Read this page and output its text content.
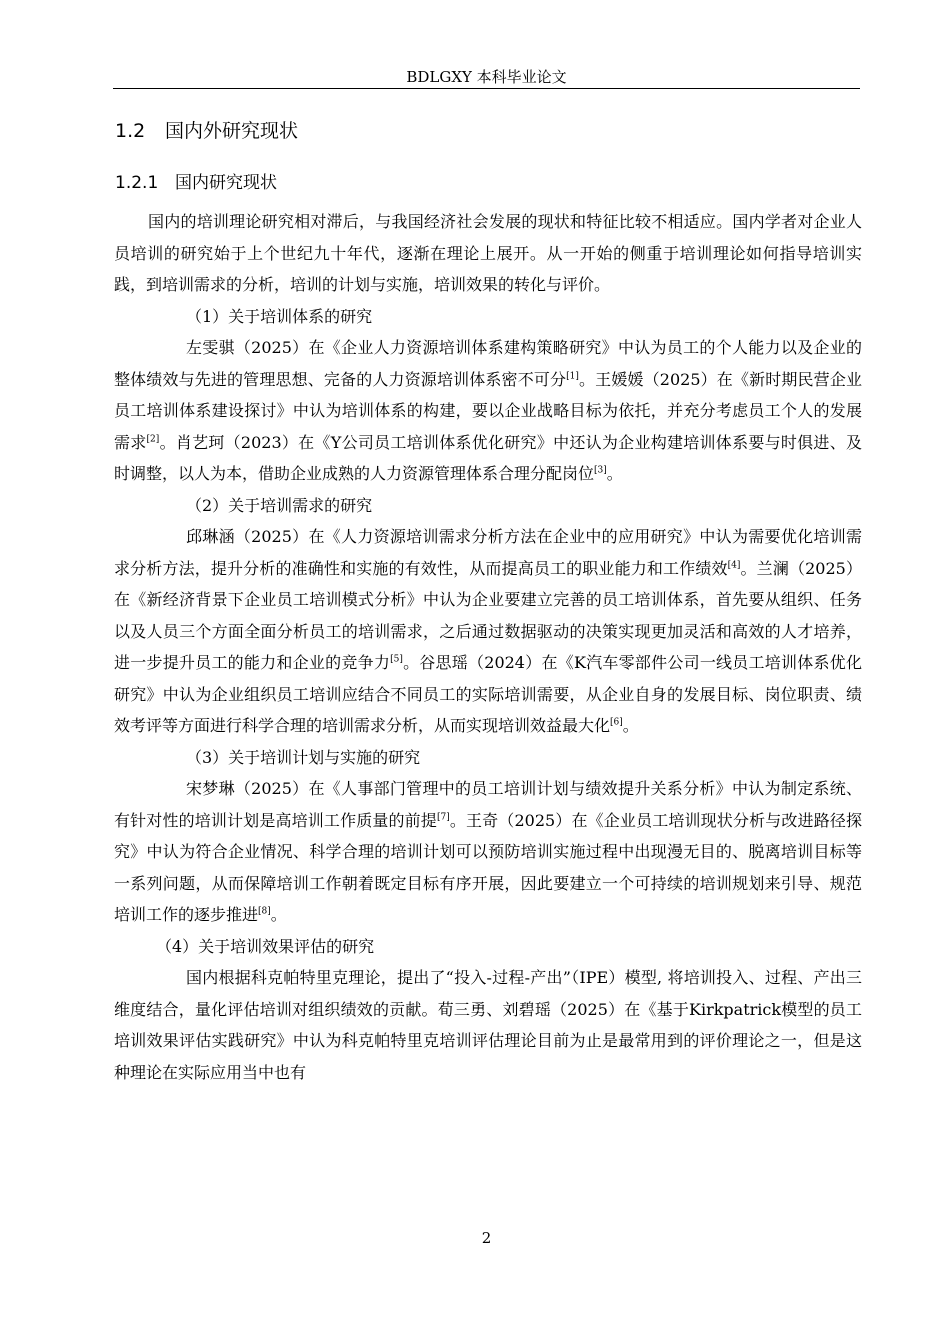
BDLGXY 本科毕业论文
1.2 国内外研究现状
1.2.1 国内研究现状

国内的培训理论研究相对滞后，与我国经济社会发展的现状和特征比较不相适应。国内学者对企业人员培训的研究始于上个世纪九十年代，逐渐在理论上展开。从一开始的侧重于培训理论如何指导培训实践，到培训需求的分析，培训的计划与实施，培训效果的转化与评价。

（1）关于培训体系的研究

左雯骐（2025）在《企业人力资源培训体系建构策略研究》中认为员工的个人能力以及企业的整体绩效与先进的管理思想、完备的人力资源培训体系密不可分[1]。王媛媛（2025）在《新时期民营企业员工培训体系建设探讨》中认为培训体系的构建，要以企业战略目标为依托，并充分考虑员工个人的发展需求[2]。肖艺珂（2023）在《Y公司员工培训体系优化研究》中还认为企业构建培训体系要与时俱进、及时调整，以人为本，借助企业成熟的人力资源管理体系合理分配岗位[3]。

（2）关于培训需求的研究

邱琳涵（2025）在《人力资源培训需求分析方法在企业中的应用研究》中认为需要优化培训需求分析方法，提升分析的准确性和实施的有效性，从而提高员工的职业能力和工作绩效[4]。兰澜（2025）在《新经济背景下企业员工培训模式分析》中认为企业要建立完善的员工培训体系，首先要从组织、任务以及人员三个方面全面分析员工的培训需求，之后通过数据驱动的决策实现更加灵活和高效的人才培养，进一步提升员工的能力和企业的竞争力[5]。谷思瑶（2024）在《K汽车零部件公司一线员工培训体系优化研究》中认为企业组织员工培训应结合不同员工的实际培训需要，从企业自身的发展目标、岗位职责、绩效考评等方面进行科学合理的培训需求分析，从而实现培训效益最大化[6]。

（3）关于培训计划与实施的研究

宋梦琳（2025）在《人事部门管理中的员工培训计划与绩效提升关系分析》中认为制定系统、 有针对性的培训计划是高培训工作质量的前提[7]。王奇（2025）在《企业员工培训现状分析与改进路径探究》中认为符合企业情况、科学合理的培训计划可以预防培训实施过程中出现漫无目的、脱离培训目标等一系列问题，从而保障培训工作朝着既定目标有序开展，因此要建立一个可持续的培训规划来引导、规范培训工作的逐步推进[8]。

（4）关于培训效果评估的研究

国内根据科克帕特里克理论，提出了“投入-过程-产出”（IPE）模型, 将培训投入、过程、产出三维度结合，量化评估培训对组织绩效的贡献。荀三勇、刘碧瑶（2025）在《基于Kirkpatrick模型的员工培训效果评估实践研究》中认为科克帕特里克培训评估理论目前为止是最常用到的评价理论之一，但是这种理论在实际应用当中也有

2
